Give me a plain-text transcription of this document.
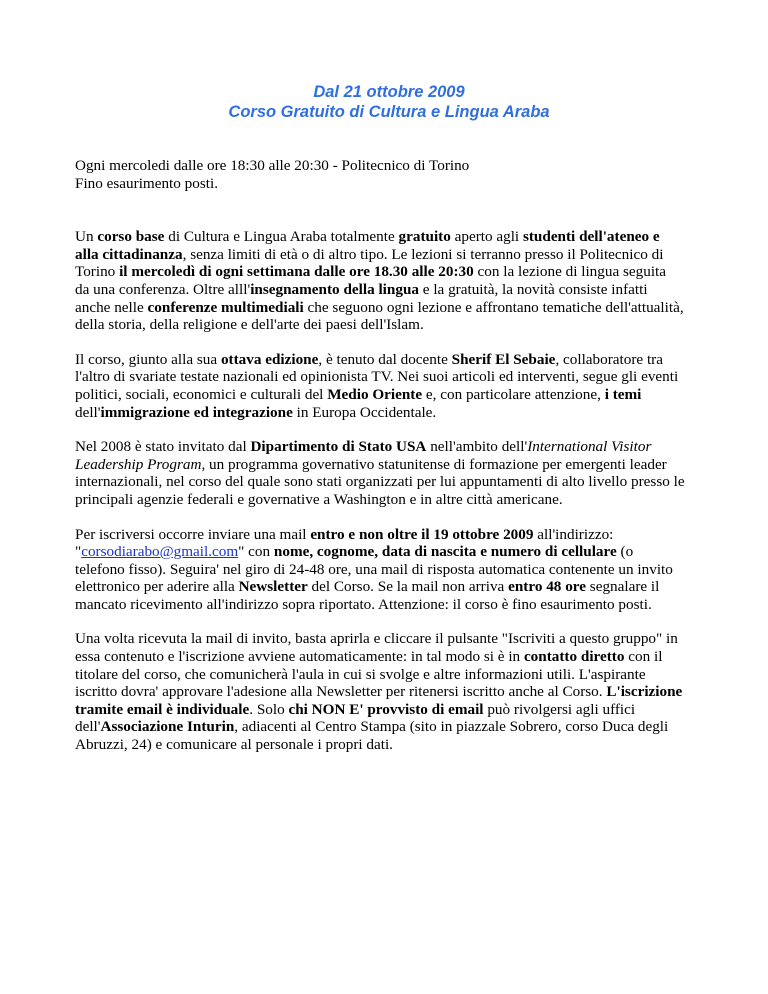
Dal 21 ottobre 2009
Corso Gratuito di Cultura e Lingua Araba

Ogni mercoledi dalle ore 18:30 alle 20:30 - Politecnico di Torino
Fino esaurimento posti.

Un corso base di Cultura e Lingua Araba totalmente gratuito aperto agli studenti dell'ateneo e
alla cittadinanza, senza limiti di età o di altro tipo. Le lezioni si terranno presso il Politecnico di
Torino il mercoledì di ogni settimana dalle ore 18.30 alle 20:30 con la lezione di lingua seguita
da una conferenza. Oltre alll'insegnamento della lingua e la gratuità, la novità consiste infatti
anche nelle conferenze multimediali che seguono ogni lezione e affrontano tematiche dell'attualità,
della storia, della religione e dell'arte dei paesi dell'Islam.

Il corso, giunto alla sua ottava edizione, è tenuto dal docente Sherif El Sebaie, collaboratore tra
l'altro di svariate testate nazionali ed opinionista TV. Nei suoi articoli ed interventi, segue gli eventi
politici, sociali, economici e culturali del Medio Oriente e, con particolare attenzione, i temi
dell'immigrazione ed integrazione in Europa Occidentale.

Nel 2008 è stato invitato dal Dipartimento di Stato USA nell'ambito dell'International Visitor
Leadership Program, un programma governativo statunitense di formazione per emergenti leader
internazionali, nel corso del quale sono stati organizzati per lui appuntamenti di alto livello presso le
principali agenzie federali e governative a Washington e in altre città americane.

Per iscriversi occorre inviare una mail entro e non oltre il 19 ottobre 2009 all'indirizzo:
"corsodiarabo@gmail.com" con nome, cognome, data di nascita e numero di cellulare (o
telefono fisso). Seguira' nel giro di 24-48 ore, una mail di risposta automatica contenente un invito
elettronico per aderire alla Newsletter del Corso. Se la mail non arriva entro 48 ore segnalare il
mancato ricevimento all'indirizzo sopra riportato. Attenzione: il corso è fino esaurimento posti.

Una volta ricevuta la mail di invito, basta aprirla e cliccare il pulsante "Iscriviti a questo gruppo" in
essa contenuto e l'iscrizione avviene automaticamente: in tal modo si è in contatto diretto con il
titolare del corso, che comunicherà l'aula in cui si svolge e altre informazioni utili. L'aspirante
iscritto dovra' approvare l'adesione alla Newsletter per ritenersi iscritto anche al Corso. L'iscrizione
tramite email è individuale. Solo chi NON E' provvisto di email può rivolgersi agli uffici
dell'Associazione Inturin, adiacenti al Centro Stampa (sito in piazzale Sobrero, corso Duca degli
Abruzzi, 24) e comunicare al personale i propri dati.
